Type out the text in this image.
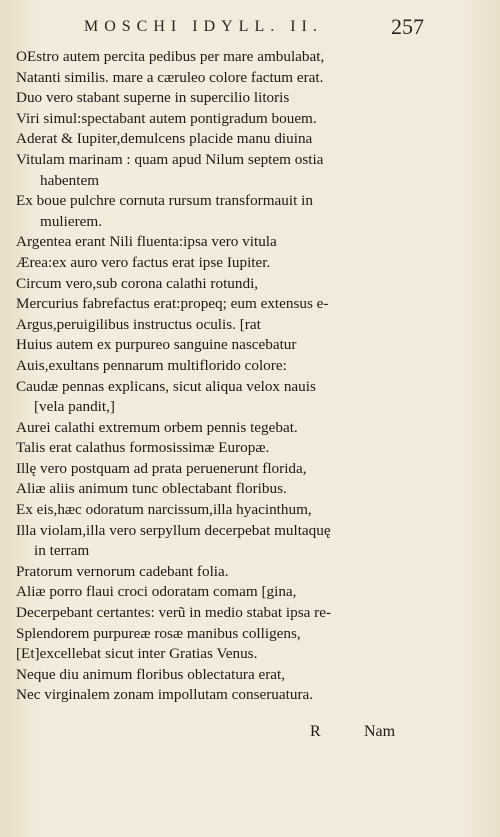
MOSCHI IDYLL. II.	257
OEstro autem percita pedibus per mare ambulabat,
Natanti similis. mare a cæruleo colore factum erat.
Duo vero stabant superne in supercilio litoris
Viri simul:spectabant autem pontigradum bouem.
Aderat & Iupiter,demulcens placide manu diuina
Vitulam marinam : quam apud Nilum septem ostia
habentem
Ex boue pulchre cornuta rursum transformauit in
mulierem.
Argentea erant Nili fluenta:ipsa vero vitula
Ærea:ex auro vero factus erat ipse Iupiter.
Circum vero,sub corona calathi rotundi,
Mercurius fabrefactus erat:propeq; eum extensus e-
Argus,peruigilibus instructus oculis. [rat
Huius autem ex purpureo sanguine nascebatur
Auis,exultans pennarum multiflorido colore:
Caudæ pennas explicans, sicut aliqua velox nauis
[vela pandit,]
Aurei calathi extremum orbem pennis tegebat.
Talis erat calathus formosissimæ Europæ.
Illę vero postquam ad prata peruenerunt florida,
Aliæ aliis animum tunc oblectabant floribus.
Ex eis,hæc odoratum narcissum,illa hyacinthum,
Illa violam,illa vero serpyllum decerpebat multaquę
in terram
Pratorum vernorum cadebant folia.
Aliæ porro flaui croci odoratam comam [gina,
Decerpebant certantes: verũ in medio stabat ipsa re-
Splendorem purpureæ rosæ manibus colligens,
[Et]excellebat sicut inter Gratias Venus.
Neque diu animum floribus oblectatura erat,
Nec virginalem zonam impollutam conseruatura.
R	Nam
